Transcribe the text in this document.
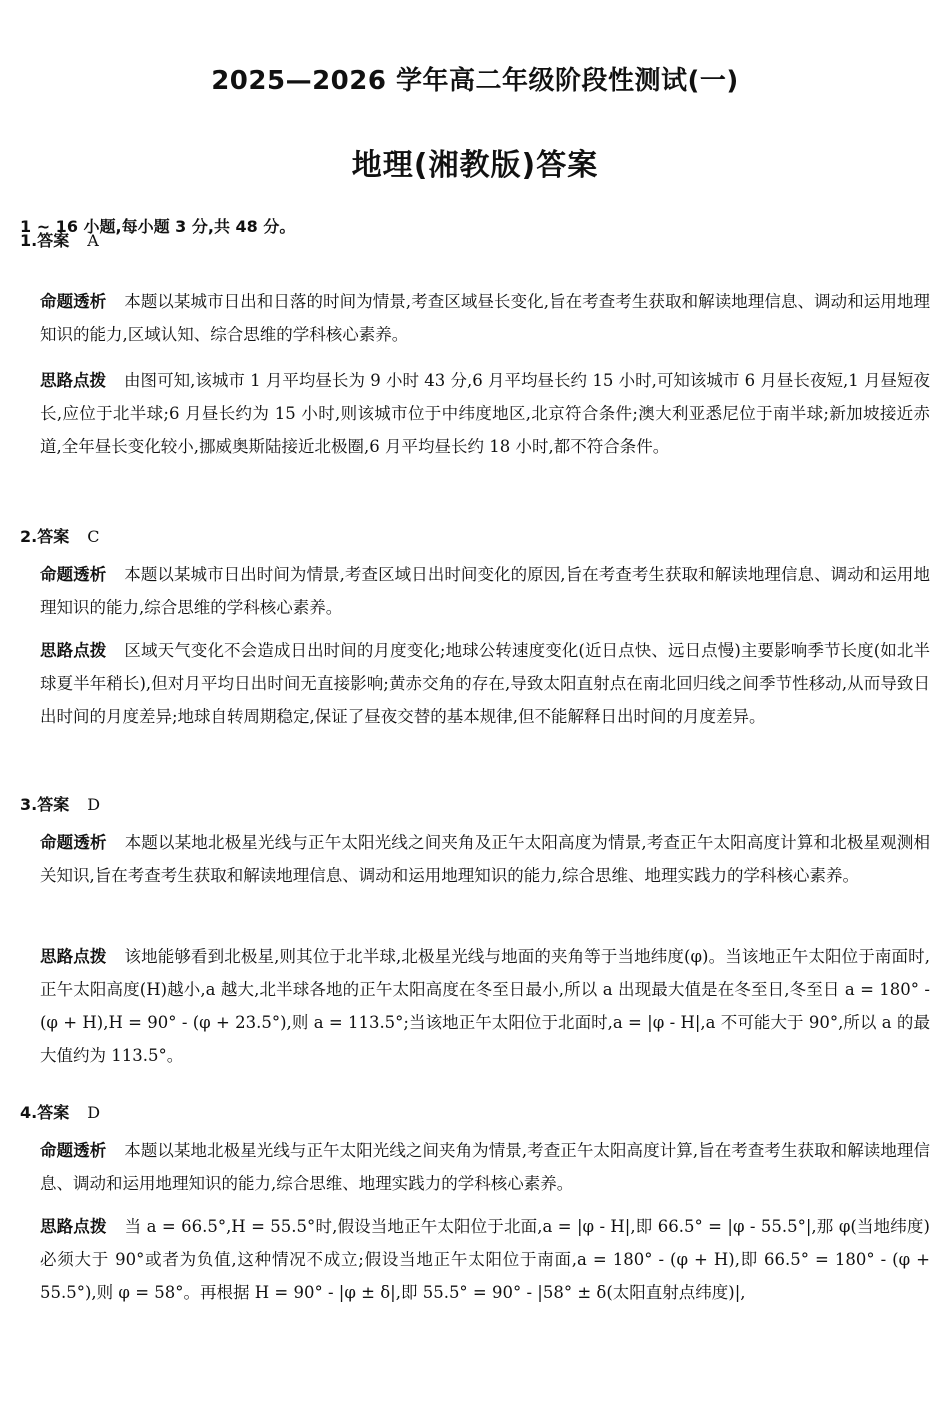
2025—2026 学年高二年级阶段性测试(一)
地理(湘教版)答案
1 ~ 16 小题,每小题 3 分,共 48 分。
1.答案 A
命题透析 本题以某城市日出和日落的时间为情景,考查区域昼长变化,旨在考查考生获取和解读地理信息、调动和运用地理知识的能力,区域认知、综合思维的学科核心素养。
思路点拨 由图可知,该城市 1 月平均昼长为 9 小时 43 分,6 月平均昼长约 15 小时,可知该城市 6 月昼长夜短,1 月昼短夜长,应位于北半球;6 月昼长约为 15 小时,则该城市位于中纬度地区,北京符合条件;澳大利亚悉尼位于南半球;新加坡接近赤道,全年昼长变化较小,挪威奥斯陆接近北极圈,6 月平均昼长约 18 小时,都不符合条件。
2.答案 C
命题透析 本题以某城市日出时间为情景,考查区域日出时间变化的原因,旨在考查考生获取和解读地理信息、调动和运用地理知识的能力,综合思维的学科核心素养。
思路点拨 区域天气变化不会造成日出时间的月度变化;地球公转速度变化(近日点快、远日点慢)主要影响季节长度(如北半球夏半年稍长),但对月平均日出时间无直接影响;黄赤交角的存在,导致太阳直射点在南北回归线之间季节性移动,从而导致日出时间的月度差异;地球自转周期稳定,保证了昼夜交替的基本规律,但不能解释日出时间的月度差异。
3.答案 D
命题透析 本题以某地北极星光线与正午太阳光线之间夹角及正午太阳高度为情景,考查正午太阳高度计算和北极星观测相关知识,旨在考查考生获取和解读地理信息、调动和运用地理知识的能力,综合思维、地理实践力的学科核心素养。
思路点拨 该地能够看到北极星,则其位于北半球,北极星光线与地面的夹角等于当地纬度(φ)。当该地正午太阳位于南面时,正午太阳高度(H)越小,a 越大,北半球各地的正午太阳高度在冬至日最小,所以 a 出现最大值是在冬至日,冬至日 a = 180° - (φ + H),H = 90° - (φ + 23.5°),则 a = 113.5°;当该地正午太阳位于北面时,a = |φ - H|,a 不可能大于 90°,所以 a 的最大值约为 113.5°。
4.答案 D
命题透析 本题以某地北极星光线与正午太阳光线之间夹角为情景,考查正午太阳高度计算,旨在考查考生获取和解读地理信息、调动和运用地理知识的能力,综合思维、地理实践力的学科核心素养。
思路点拨 当 a = 66.5°,H = 55.5°时,假设当地正午太阳位于北面,a = |φ - H|,即 66.5° = |φ - 55.5°|,那 φ(当地纬度)必须大于 90°或者为负值,这种情况不成立;假设当地正午太阳位于南面,a = 180° - (φ + H),即 66.5° = 180° - (φ + 55.5°),则 φ = 58°。再根据 H = 90° - |φ ± δ|,即 55.5° = 90° - |58° ± δ(太阳直射点纬度)|,
